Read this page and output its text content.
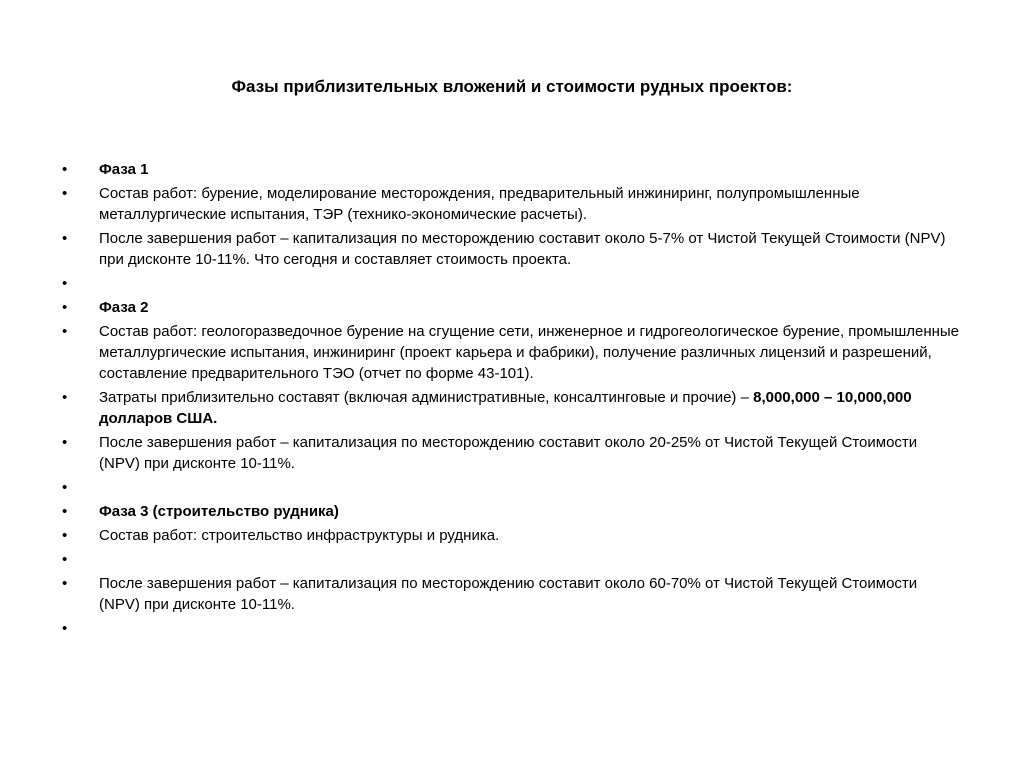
Фазы приблизительных вложений и стоимости рудных проектов:
•	Фаза 1
•	Состав работ: бурение, моделирование месторождения, предварительный инжиниринг, полупромышленные металлургические испытания, ТЭР (технико-экономические расчеты).
•	После завершения работ – капитализация по месторождению составит около 5-7% от Чистой Текущей Стоимости (NPV) при дисконте 10-11%. Что сегодня и составляет стоимость проекта.
•
•	Фаза 2
•	Состав работ: геологоразведочное бурение на сгущение сети, инженерное и гидрогеологическое бурение, промышленные металлургические испытания, инжиниринг (проект карьера и фабрики), получение различных лицензий и разрешений, составление предварительного ТЭО (отчет по форме 43-101).
•	Затраты приблизительно составят (включая административные, консалтинговые и прочие) – 8,000,000 – 10,000,000 долларов США.
•	После завершения работ – капитализация по месторождению составит около 20-25% от Чистой Текущей Стоимости (NPV) при дисконте 10-11%.
•
•	Фаза 3 (строительство рудника)
•	Состав работ: строительство инфраструктуры и рудника.
•
•	После завершения работ – капитализация по месторождению составит около 60-70% от Чистой Текущей Стоимости (NPV) при дисконте 10-11%.
•
